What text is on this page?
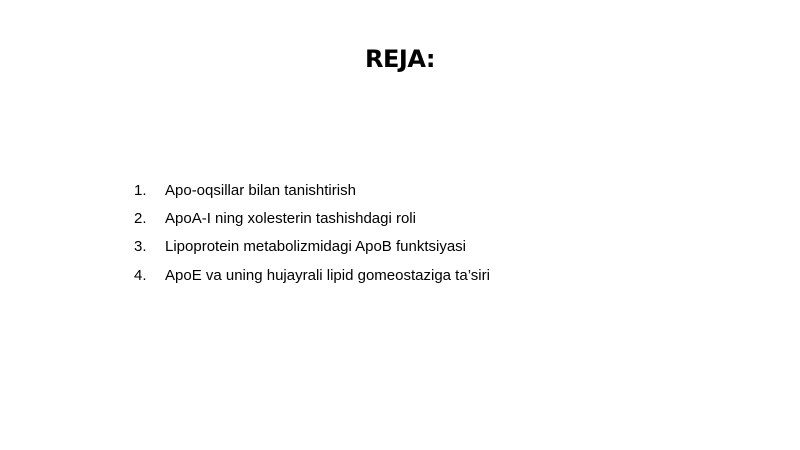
REJA:
1.	Apo-oqsillar bilan tanishtirish
2.	ApoA-I ning xolesterin tashishdagi roli
3.	Lipoprotein metabolizmidagi ApoB funktsiyasi
4.	ApoE va uning hujayrali lipid gomeostaziga ta’siri
